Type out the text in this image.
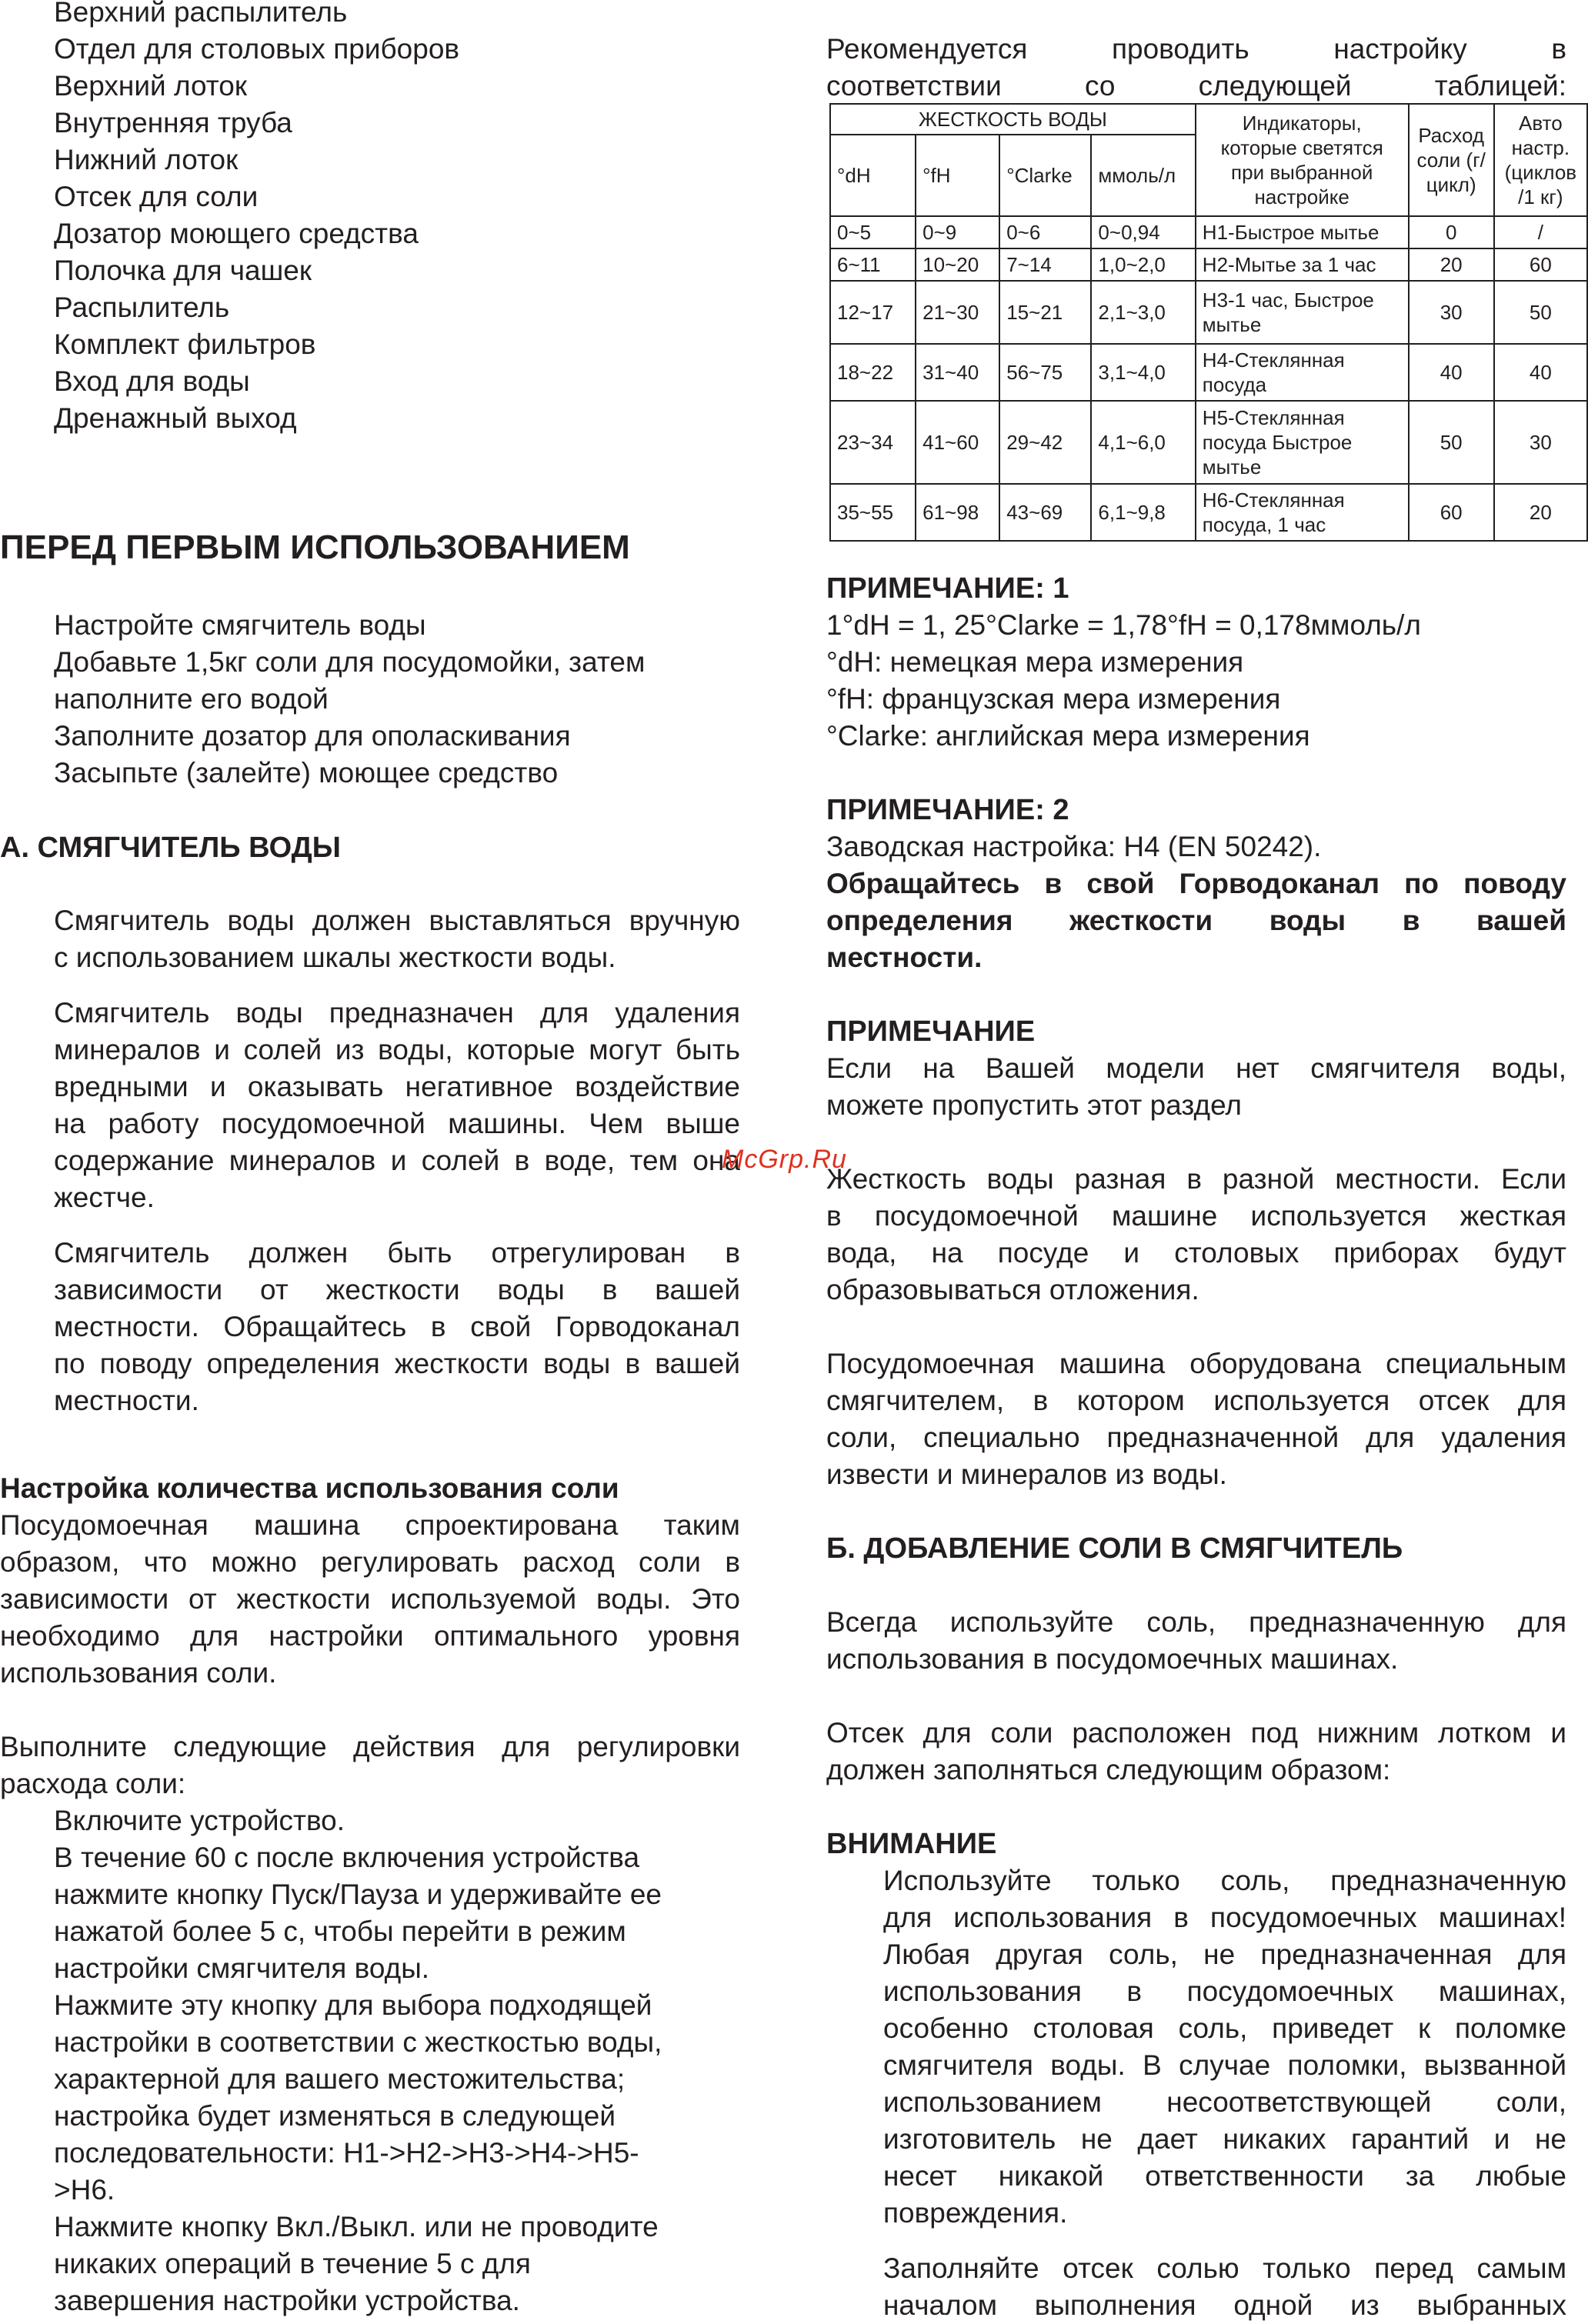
Верхний распылитель
Отдел для столовых приборов
Верхний лоток
Внутренняя труба
Нижний лоток
Отсек для соли
Дозатор моющего средства
Полочка для чашек
Распылитель
Комплект фильтров
Вход для воды
Дренажный выход
ПЕРЕД ПЕРВЫМ ИСПОЛЬЗОВАНИЕМ
Настройте смягчитель воды
Добавьте 1,5кг соли для посудомойки, затем
наполните его водой
Заполните дозатор для ополаскивания
Засыпьте (залейте) моющее средство
А. СМЯГЧИТЕЛЬ ВОДЫ
Смягчитель воды должен выставляться вручную
с использованием шкалы жесткости воды.
Смягчитель воды предназначен для удаления
минералов и солей из воды, которые могут быть
вредными и оказывать негативное воздействие
на работу посудомоечной машины. Чем выше
содержание минералов и солей в воде, тем она
жестче.
Смягчитель должен быть отрегулирован в
зависимости от жесткости воды в вашей
местности. Обращайтесь в свой Горводоканал
по поводу определения жесткости воды в вашей
местности.
Настройка количества использования соли
Посудомоечная машина спроектирована таким
образом, что можно регулировать расход соли в
зависимости от жесткости используемой воды. Это
необходимо для настройки оптимального уровня
использования соли.
Выполните следующие действия для регулировки
расхода соли:
Включите устройство.
В течение 60 с после включения устройства
нажмите кнопку Пуск/Пауза и удерживайте ее
нажатой более 5 с, чтобы перейти в режим
настройки смягчителя воды.
Нажмите эту кнопку для выбора подходящей
настройки в соответствии с жесткостью воды,
характерной для вашего местожительства;
настройка будет изменяться в следующей
последовательности: H1->H2->H3->H4->H5-
>H6.
Нажмите кнопку Вкл./Выкл. или не проводите
никаких операций в течение 5 с для
завершения настройки устройства.
Рекомендуется проводить настройку в
соответствии со следующей таблицей:
ЖЕСТКОСТЬ ВОДЫ				Индикаторы, которые светятся при выбранной настройке	Расход соли (г/цикл)	Авто настр. (циклов /1 кг)
°dH	°fH	°Clarke	ммоль/л			
0~5	0~9	0~6	0~0,94	H1-Быстрое мытье	0	/
6~11	10~20	7~14	1,0~2,0	H2-Мытье за 1 час	20	60
12~17	21~30	15~21	2,1~3,0	H3-1 час, Быстрое мытье	30	50
18~22	31~40	56~75	3,1~4,0	H4-Стеклянная посуда	40	40
23~34	41~60	29~42	4,1~6,0	H5-Стеклянная посуда Быстрое мытье	50	30
35~55	61~98	43~69	6,1~9,8	H6-Стеклянная посуда, 1 час	60	20
ПРИМЕЧАНИЕ: 1
1°dH = 1, 25°Clarke = 1,78°fH = 0,178ммоль/л
°dH: немецкая мера измерения
°fH: французская мера измерения
°Clarke: английская мера измерения
ПРИМЕЧАНИЕ: 2
Заводская настройка: H4 (EN 50242).
Обращайтесь в свой Горводоканал по поводу
определения жесткости воды в вашей
местности.
ПРИМЕЧАНИЕ
Если на Вашей модели нет смягчителя воды,
можете пропустить этот раздел
Жесткость воды разная в разной местности. Если
в посудомоечной машине используется жесткая
вода, на посуде и столовых приборах будут
образовываться отложения.
Посудомоечная машина оборудована специальным
смягчителем, в котором используется отсек для
соли, специально предназначенной для удаления
извести и минералов из воды.
Б. ДОБАВЛЕНИЕ СОЛИ В СМЯГЧИТЕЛЬ
Всегда используйте соль, предназначенную для
использования в посудомоечных машинах.
Отсек для соли расположен под нижним лотком и
должен заполняться следующим образом:
ВНИМАНИЕ
Используйте только соль, предназначенную
для использования в посудомоечных машинах!
Любая другая соль, не предназначенная для
использования в посудомоечных машинах,
особенно столовая соль, приведет к поломке
смягчителя воды. В случае поломки, вызванной
использованием несоответствующей соли,
изготовитель не дает никаких гарантий и не
несет никакой ответственности за любые
повреждения.
Заполняйте отсек солью только перед самым
началом выполнения одной из выбранных
McGrp.Ru
